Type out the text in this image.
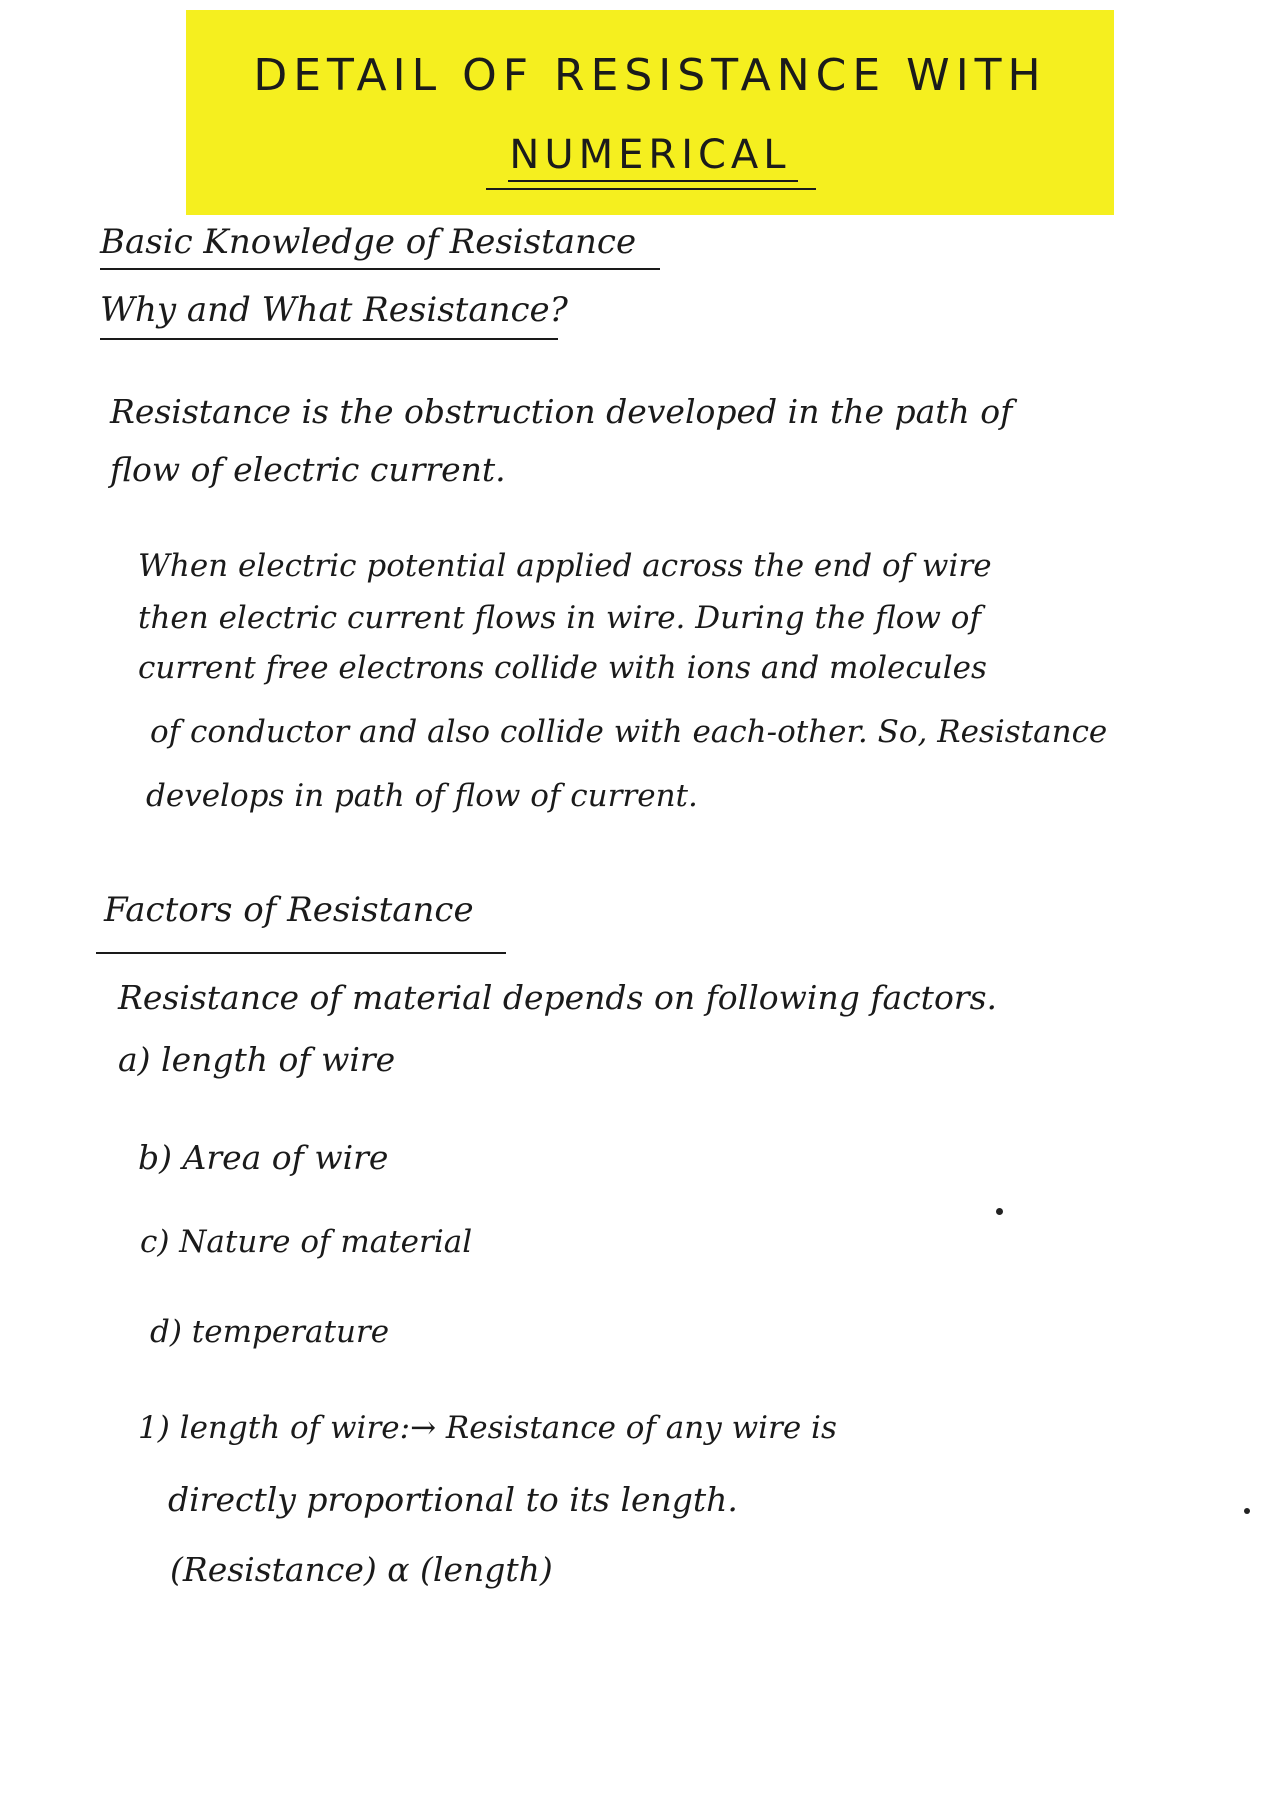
DETAIL OF RESISTANCE WITH
NUMERICAL
Basic Knowledge of Resistance
Why and What Resistance?
Resistance is the obstruction developed in the path of
flow of electric current.
When electric potential applied across the end of wire
then electric current flows in wire. During the flow of
current free electrons collide with ions and molecules
of conductor and also collide with each-other. So, Resistance
develops in path of flow of current.
Factors of Resistance
Resistance of material depends on following factors.
a) length of wire
b) Area of wire
c) Nature of material
d) temperature
1) length of wire:→ Resistance of any wire is
directly proportional to its length.
(Resistance) α (length)
